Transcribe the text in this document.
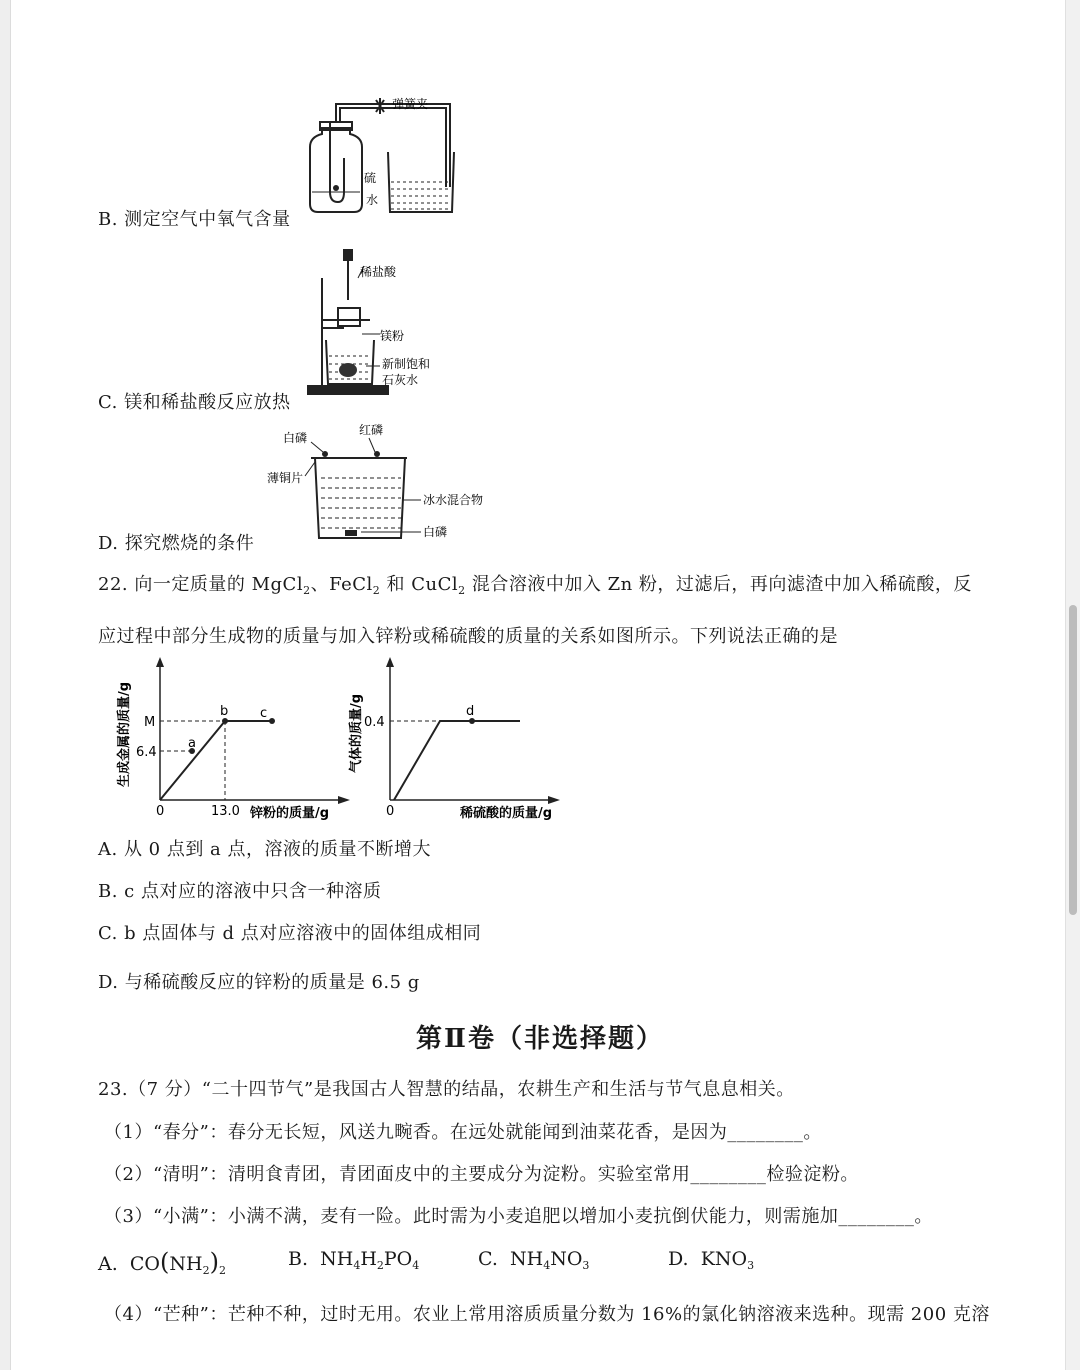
弹簧夹
硫
水
B. 测定空气中氧气含量
稀盐酸
镁粉
新制饱和
石灰水
C. 镁和稀盐酸反应放热
白磷
红磷
薄铜片
冰水混合物
白磷
D. 探究燃烧的条件
22. 向一定质量的 MgCl$_2$、FeCl$_2$ 和 CuCl$_2$ 混合溶液中加入 Zn 粉，过滤后，再向滤渣中加入稀硫酸，反
应过程中部分生成物的质量与加入锌粉或稀硫酸的质量的关系如图所示。下列说法正确的是
a
b c
M
6.4
0	13.0 锌粉的质量/g
生成金属的质量/g	d
0.4
0	稀硫酸的质量/g
气体的质量/g
A. 从 0 点到 a 点，溶液的质量不断增大
B. c 点对应的溶液中只含一种溶质
C. b 点固体与 d 点对应溶液中的固体组成相同
D. 与稀硫酸反应的锌粉的质量是 6.5 g
第Ⅱ卷（非选择题）
23.（7 分）“二十四节气”是我国古人智慧的结晶，农耕生产和生活与节气息息相关。
（1）“春分”：春分无长短，风送九畹香。在远处就能闻到油菜花香，是因为________。
（2）“清明”：清明食青团，青团面皮中的主要成分为淀粉。实验室常用________检验淀粉。
（3）“小满”：小满不满，麦有一险。此时需为小麦追肥以增加小麦抗倒伏能力，则需施加________。
A. $CO(NH_2)_2$
B. $NH_4H_2PO_4$	C. $NH_4NO_3$	D. $KNO_3$
（4）“芒种”：芒种不种，过时无用。农业上常用溶质质量分数为 16%的氯化钠溶液来选种。现需 200 克溶
